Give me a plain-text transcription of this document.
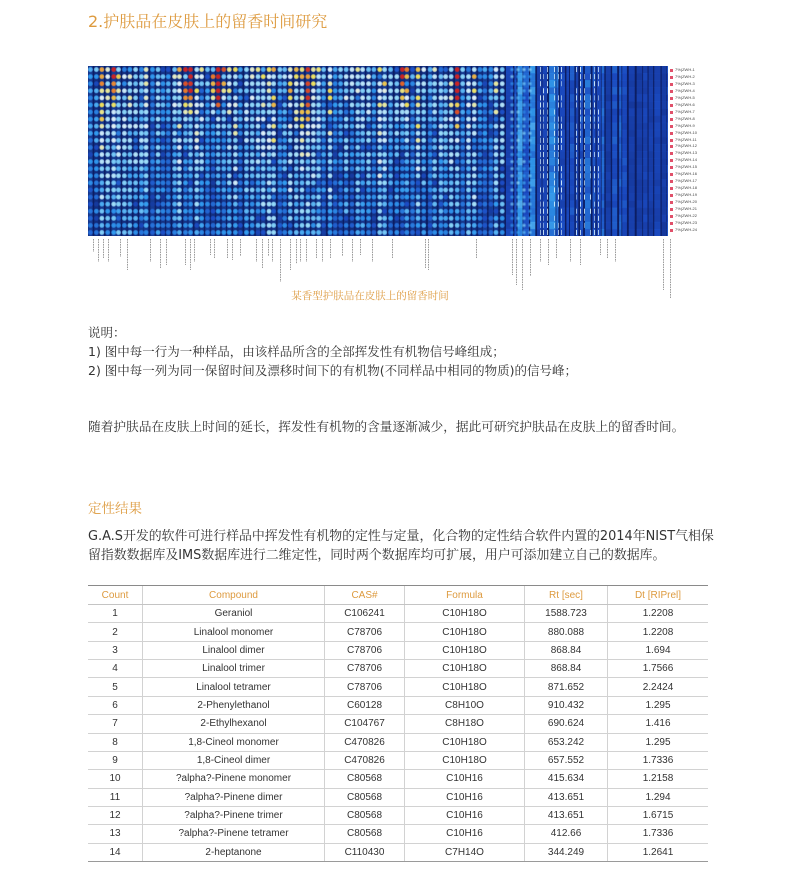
2.护肤品在皮肤上的留香时间研究
7%(ZWH-1
7%(ZWH-2
7%(ZWH-3
7%(ZWH-4
7%(ZWH-5
7%(ZWH-6
7%(ZWH-7
7%(ZWH-8
7%(ZWH-9
7%(ZWH-10
7%(ZWH-11
7%(ZWH-12
7%(ZWH-13
7%(ZWH-14
7%(ZWH-15
7%(ZWH-16
7%(ZWH-17
7%(ZWH-18
7%(ZWH-19
7%(ZWH-20
7%(ZWH-21
7%(ZWH-22
7%(ZWH-23
7%(ZWH-24
某香型护肤品在皮肤上的留香时间
说明：
1) 图中每一行为一种样品，由该样品所含的全部挥发性有机物信号峰组成；
2) 图中每一列为同一保留时间及漂移时间下的有机物(不同样品中相同的物质)的信号峰；
随着护肤品在皮肤上时间的延长，挥发性有机物的含量逐渐减少，据此可研究护肤品在皮肤上的留香时间。
定性结果
G.A.S开发的软件可进行样品中挥发性有机物的定性与定量，化合物的定性结合软件内置的2014年NIST气相保
留指数数据库及IMS数据库进行二维定性，同时两个数据库均可扩展，用户可添加建立自己的数据库。
Count	Compound	CAS#	Formula	Rt [sec]	Dt [RIPrel]
1	Geraniol	C106241	C10H18O	1588.723	1.2208
2	Linalool monomer	C78706	C10H18O	880.088	1.2208
3	Linalool dimer	C78706	C10H18O	868.84	1.694
4	Linalool trimer	C78706	C10H18O	868.84	1.7566
5	Linalool tetramer	C78706	C10H18O	871.652	2.2424
6	2-Phenylethanol	C60128	C8H10O	910.432	1.295
7	2-Ethylhexanol	C104767	C8H18O	690.624	1.416
8	1,8-Cineol monomer	C470826	C10H18O	653.242	1.295
9	1,8-Cineol dimer	C470826	C10H18O	657.552	1.7336
10	?alpha?-Pinene monomer	C80568	C10H16	415.634	1.2158
11	?alpha?-Pinene dimer	C80568	C10H16	413.651	1.294
12	?alpha?-Pinene trimer	C80568	C10H16	413.651	1.6715
13	?alpha?-Pinene tetramer	C80568	C10H16	412.66	1.7336
14	2-heptanone	C110430	C7H14O	344.249	1.2641
